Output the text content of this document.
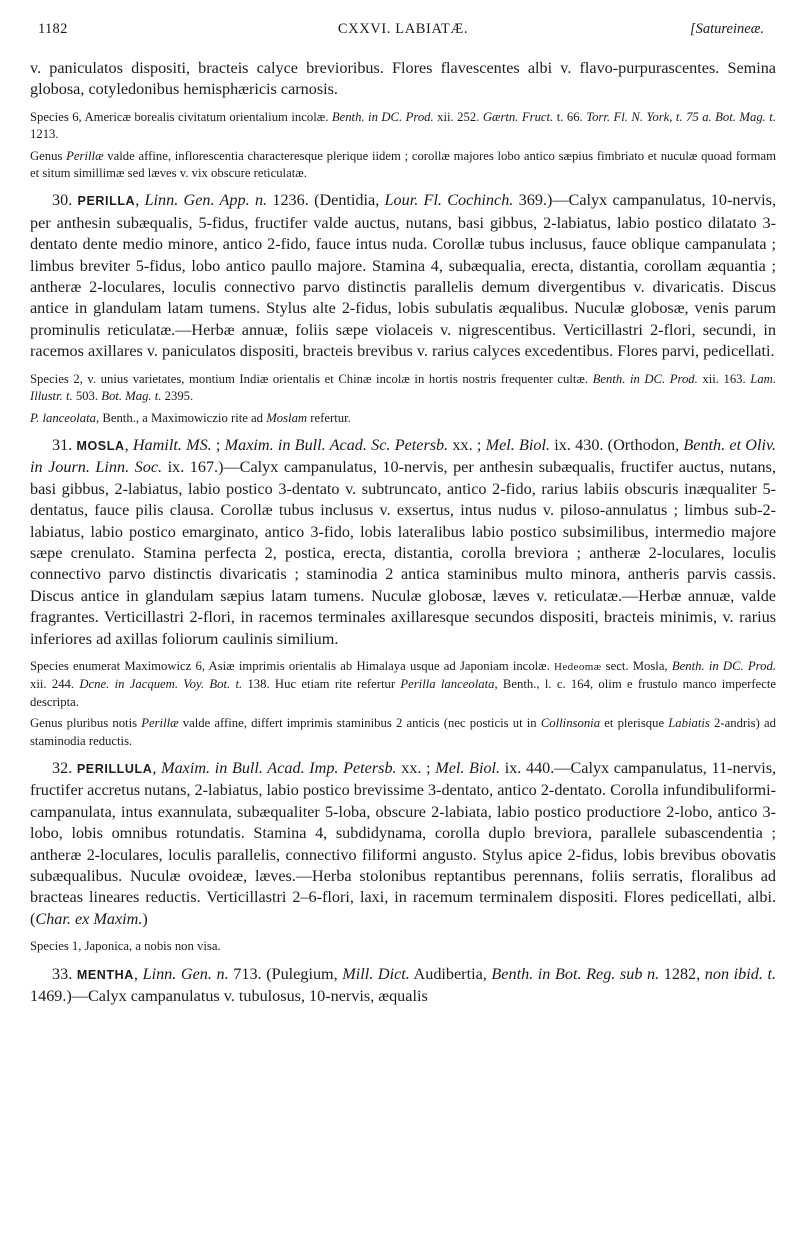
1182	CXXVI. LABIATÆ.	[Satureineæ.

v. paniculatos dispositi, bracteis calyce brevioribus. Flores flavescentes albi v. flavo-purpurascentes. Semina globosa, cotyledonibus hemisphæricis carnosis.

Species 6, Americæ borealis civitatum orientalium incolæ. Benth. in DC. Prod. xii. 252. Gærtn. Fruct. t. 66. Torr. Fl. N. York, t. 75 a. Bot. Mag. t. 1213.

Genus Perillæ valde affine, inflorescentia characteresque plerique iidem ; corollæ majores lobo antico sæpius fimbriato et nuculæ quoad formam et situm simillimæ sed læves v. vix obscure reticulatæ.

30. PERILLA, Linn. Gen. App. n. 1236. (Dentidia, Lour. Fl. Cochinch. 369.)—Calyx campanulatus, 10-nervis, per anthesin subæqualis, 5-fidus, fructifer valde auctus, nutans, basi gibbus, 2-labiatus, labio postico dilatato 3-dentato dente medio minore, antico 2-fido, fauce intus nuda. Corollæ tubus inclusus, fauce oblique campanulata ; limbus breviter 5-fidus, lobo antico paullo majore. Stamina 4, subæqualia, erecta, distantia, corollam æquantia ; antheræ 2-loculares, loculis connectivo parvo distinctis parallelis demum divergentibus v. divaricatis. Discus antice in glandulam latam tumens. Stylus alte 2-fidus, lobis subulatis æqualibus. Nuculæ globosæ, venis parum prominulis reticulatæ.—Herbæ annuæ, foliis sæpe violaceis v. nigrescentibus. Verticillastri 2-flori, secundi, in racemos axillares v. paniculatos dispositi, bracteis brevibus v. rarius calyces excedentibus. Flores parvi, pedicellati.

Species 2, v. unius varietates, montium Indiæ orientalis et Chinæ incolæ in hortis nostris frequenter cultæ. Benth. in DC. Prod. xii. 163. Lam. Illustr. t. 503. Bot. Mag. t. 2395.

P. lanceolata, Benth., a Maximowiczio rite ad Moslam refertur.

31. MOSLA, Hamilt. MS. ; Maxim. in Bull. Acad. Sc. Petersb. xx. ; Mel. Biol. ix. 430. (Orthodon, Benth. et Oliv. in Journ. Linn. Soc. ix. 167.)—Calyx campanulatus, 10-nervis, per anthesin subæqualis, fructifer auctus, nutans, basi gibbus, 2-labiatus, labio postico 3-dentato v. subtruncato, antico 2-fido, rarius labiis obscuris inæqualiter 5-dentatus, fauce pilis clausa. Corollæ tubus inclusus v. exsertus, intus nudus v. piloso-annulatus ; limbus sub-2-labiatus, labio postico emarginato, antico 3-fido, lobis lateralibus labio postico subsimilibus, intermedio majore sæpe crenulato. Stamina perfecta 2, postica, erecta, distantia, corolla breviora ; antheræ 2-loculares, loculis connectivo parvo distinctis divaricatis ; staminodia 2 antica staminibus multo minora, antheris parvis cassis. Discus antice in glandulam sæpius latam tumens. Nuculæ globosæ, læves v. reticulatæ.—Herbæ annuæ, valde fragrantes. Verticillastri 2-flori, in racemos terminales axillaresque secundos dispositi, bracteis minimis, v. rarius inferiores ad axillas foliorum caulinis similium.

Species enumerat Maximowicz 6, Asiæ imprimis orientalis ab Himalaya usque ad Japoniam incolæ. Hedeomæ sect. Mosla, Benth. in DC. Prod. xii. 244. Dcne. in Jacquem. Voy. Bot. t. 138. Huc etiam rite refertur Perilla lanceolata, Benth., l. c. 164, olim e frustulo manco imperfecte descripta.

Genus pluribus notis Perillæ valde affine, differt imprimis staminibus 2 anticis (nec posticis ut in Collinsonia et plerisque Labiatis 2-andris) ad staminodia reductis.

32. PERILLULA, Maxim. in Bull. Acad. Imp. Petersb. xx. ; Mel. Biol. ix. 440.—Calyx campanulatus, 11-nervis, fructifer accretus nutans, 2-labiatus, labio postico brevissime 3-dentato, antico 2-dentato. Corolla infundibuliformi-campanulata, intus exannulata, subæqualiter 5-loba, obscure 2-labiata, labio postico productiore 2-lobo, antico 3-lobo, lobis omnibus rotundatis. Stamina 4, subdidynama, corolla duplo breviora, parallele subascendentia ; antheræ 2-loculares, loculis parallelis, connectivo filiformi angusto. Stylus apice 2-fidus, lobis brevibus obovatis subæqualibus. Nuculæ ovoideæ, læves.—Herba stolonibus reptantibus perennans, foliis serratis, floralibus ad bracteas lineares reductis. Verticillastri 2–6-flori, laxi, in racemum terminalem dispositi. Flores pedicellati, albi. (Char. ex Maxim.)

Species 1, Japonica, a nobis non visa.

33. MENTHA, Linn. Gen. n. 713. (Pulegium, Mill. Dict. Audibertia, Benth. in Bot. Reg. sub n. 1282, non ibid. t. 1469.)—Calyx campanulatus v. tubulosus, 10-nervis, æqualis
